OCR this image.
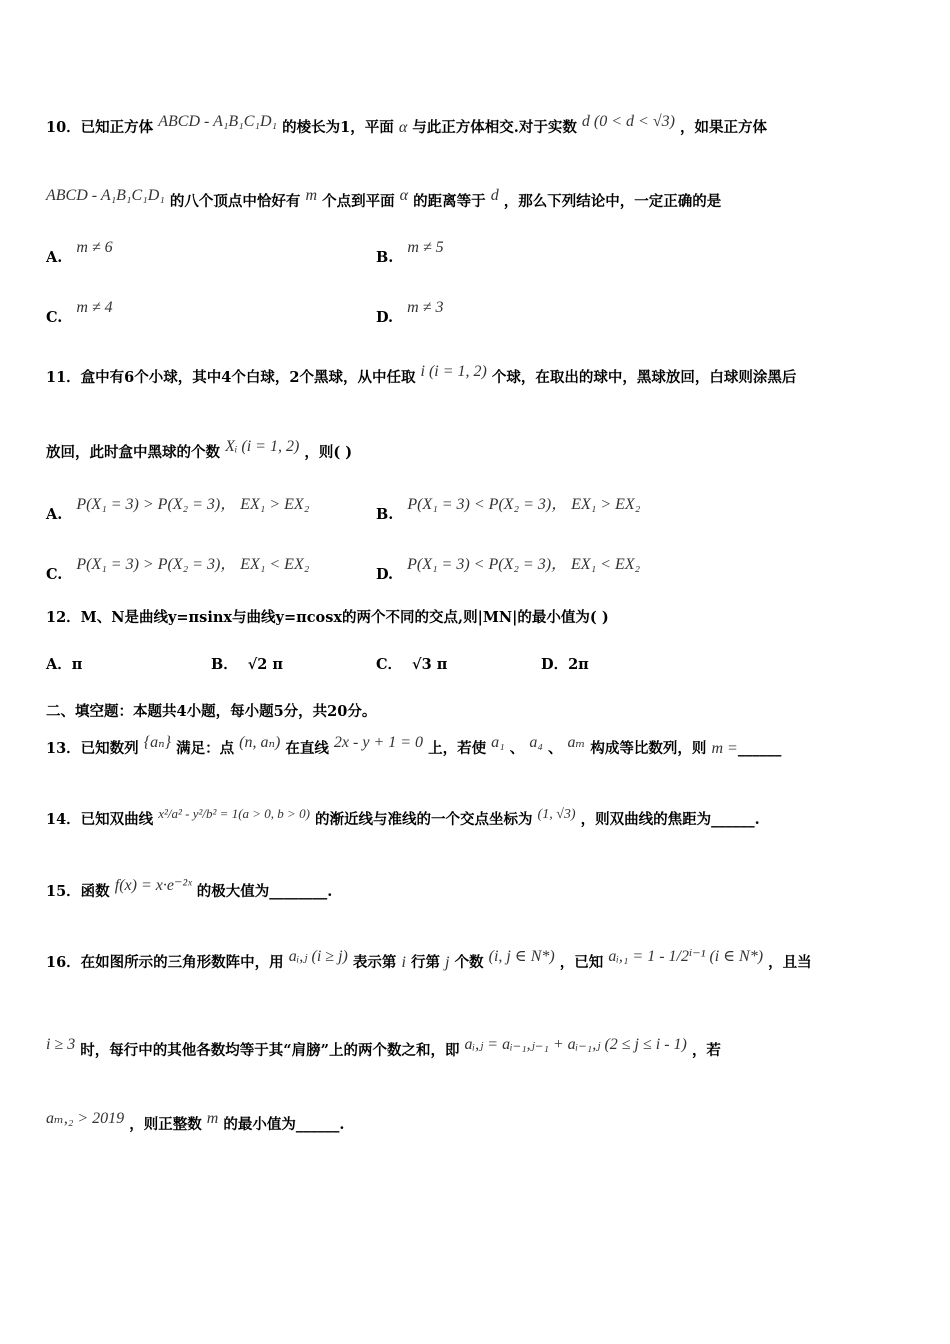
10．已知正方体 ABCD - A₁B₁C₁D₁ 的棱长为1，平面 α 与此正方体相交.对于实数 d (0 < d < √3) ，如果正方体
ABCD - A₁B₁C₁D₁ 的八个顶点中恰好有 m 个点到平面 α 的距离等于 d ，那么下列结论中，一定正确的是
A.m ≠ 6
B.m ≠ 5
C.m ≠ 4
D.m ≠ 3
11．盒中有6个小球，其中4个白球，2个黑球，从中任取 i (i = 1, 2) 个球，在取出的球中，黑球放回，白球则涂黑后
放回，此时盒中黑球的个数 Xᵢ (i = 1, 2) ，则( )
A.P(X₁ = 3) > P(X₂ = 3)， EX₁ > EX₂
B.P(X₁ = 3) < P(X₂ = 3)， EX₁ > EX₂
C.P(X₁ = 3) > P(X₂ = 3)， EX₁ < EX₂
D.P(X₁ = 3) < P(X₂ = 3)， EX₁ < EX₂
12．M、N是曲线y=πsinx与曲线y=πcosx的两个不同的交点,则|MN|的最小值为( )
A．π	B． √2 π	C． √3 π	D．2π
二、填空题：本题共4小题，每小题5分，共20分。
13．已知数列 {aₙ} 满足：点 (n, aₙ) 在直线 2x - y + 1 = 0 上，若使 a₁ 、 a₄ 、 aₘ 构成等比数列，则 m =______
14．已知双曲线 x²/a² - y²/b² = 1(a > 0, b > 0) 的渐近线与准线的一个交点坐标为 (1, √3) ，则双曲线的焦距为______.
15．函数 f(x) = x·e⁻²ˣ 的极大值为________.
16．在如图所示的三角形数阵中，用 aᵢ,ⱼ (i ≥ j) 表示第 i 行第 j 个数 (i, j ∈ N*) ，已知 aᵢ,₁ = 1 - 1/2ⁱ⁻¹ (i ∈ N*) ，且当
i ≥ 3 时，每行中的其他各数均等于其“肩膀”上的两个数之和，即 aᵢ,ⱼ = aᵢ₋₁,ⱼ₋₁ + aᵢ₋₁,ⱼ (2 ≤ j ≤ i - 1) ，若
aₘ,₂ > 2019 ，则正整数 m 的最小值为______.
